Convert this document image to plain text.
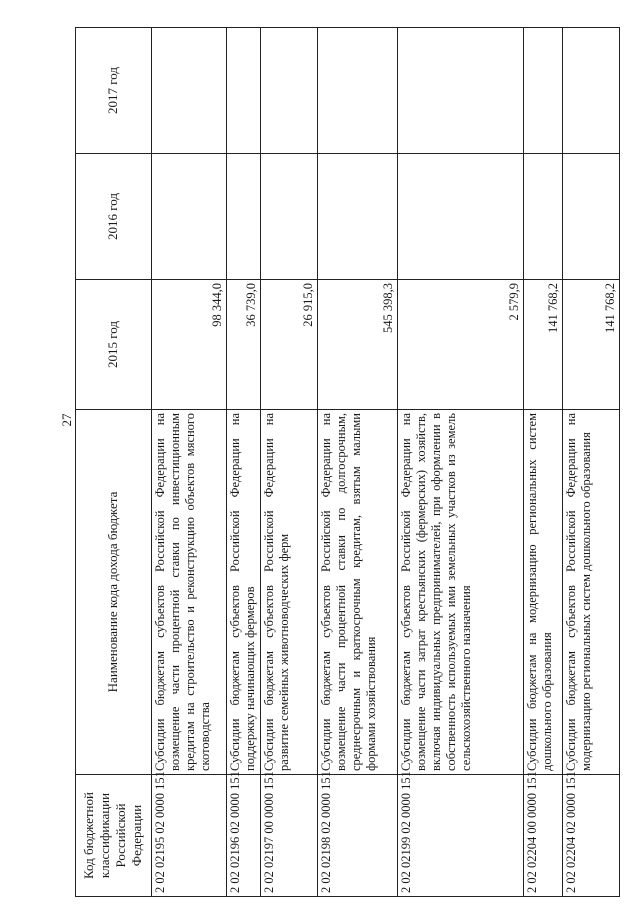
27
Код бюджетной классификации Российской Федерации	Наименование кода дохода бюджета	2015 год	2016 год	2017 год
2 02 02195 02 0000 151	Субсидии бюджетам субъектов Российской Федерации на возмещение части процентной ставки по инвестиционным кредитам на строительство и реконструкцию объектов мясного скотоводства	98 344,0		
2 02 02196 02 0000 151	Субсидии бюджетам субъектов Российской Федерации на поддержку начинающих фермеров	36 739,0		
2 02 02197 00 0000 151	Субсидии бюджетам субъектов Российской Федерации на развитие семейных животноводческих ферм	26 915,0		
2 02 02198 02 0000 151	Субсидии бюджетам субъектов Российской Федерации на возмещение части процентной ставки по долгосрочным, среднесрочным и краткосрочным кредитам, взятым малыми формами хозяйствования	545 398,3		
2 02 02199 02 0000 151	Субсидии бюджетам субъектов Российской Федерации на возмещение части затрат крестьянских (фермерских) хозяйств, включая индивидуальных предпринимателей, при оформлении в собственность используемых ими земельных участков из земель сельскохозяйственного назначения	2 579,9		
2 02 02204 00 0000 151	Субсидии бюджетам на модернизацию региональных систем дошкольного образования	141 768,2		
2 02 02204 02 0000 151	Субсидии бюджетам субъектов Российской Федерации на модернизацию региональных систем дошкольного образования	141 768,2		
